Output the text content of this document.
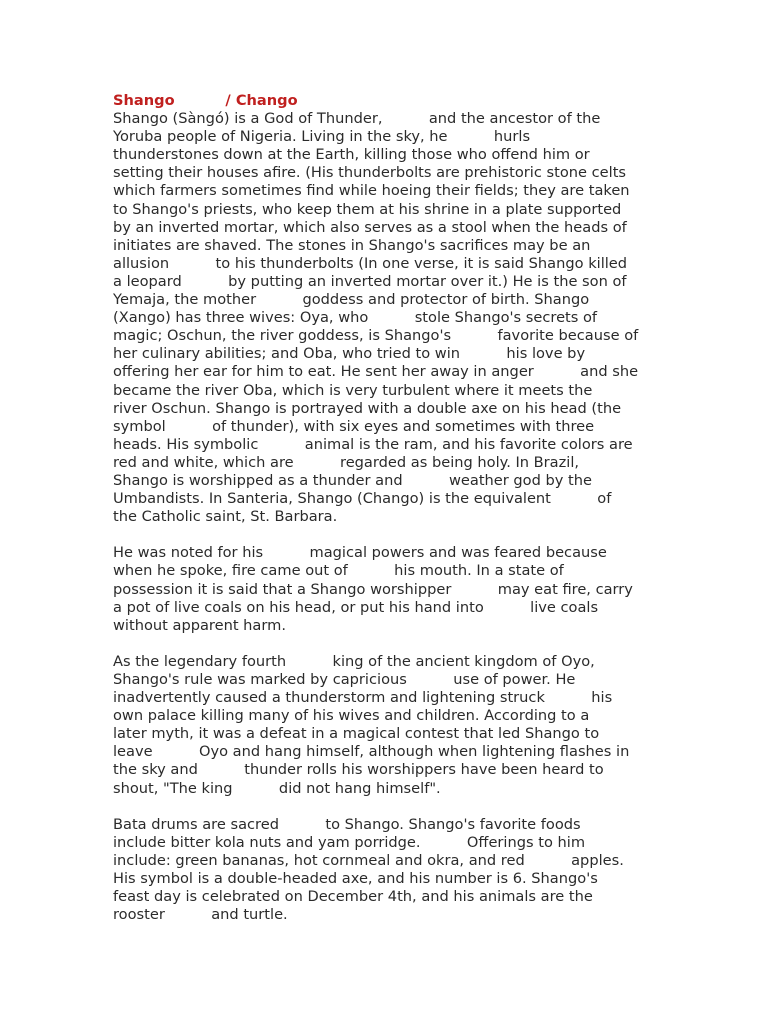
Shango          / Chango
Shango (Sàngó) is a God of Thunder,          and the ancestor of the
Yoruba people of Nigeria. Living in the sky, he          hurls
thunderstones down at the Earth, killing those who offend him or
setting their houses afire. (His thunderbolts are prehistoric stone celts
which farmers sometimes find while hoeing their fields; they are taken
to Shango's priests, who keep them at his shrine in a plate supported
by an inverted mortar, which also serves as a stool when the heads of
initiates are shaved. The stones in Shango's sacrifices may be an
allusion          to his thunderbolts (In one verse, it is said Shango killed
a leopard          by putting an inverted mortar over it.) He is the son of
Yemaja, the mother          goddess and protector of birth. Shango
(Xango) has three wives: Oya, who          stole Shango's secrets of
magic; Oschun, the river goddess, is Shango's          favorite because of
her culinary abilities; and Oba, who tried to win          his love by
offering her ear for him to eat. He sent her away in anger          and she
became the river Oba, which is very turbulent where it meets the
river Oschun. Shango is portrayed with a double axe on his head (the
symbol          of thunder), with six eyes and sometimes with three
heads. His symbolic          animal is the ram, and his favorite colors are
red and white, which are          regarded as being holy. In Brazil,
Shango is worshipped as a thunder and          weather god by the
Umbandists. In Santeria, Shango (Chango) is the equivalent          of
the Catholic saint, St. Barbara.
He was noted for his          magical powers and was feared because
when he spoke, fire came out of          his mouth. In a state of
possession it is said that a Shango worshipper          may eat fire, carry
a pot of live coals on his head, or put his hand into          live coals
without apparent harm.
As the legendary fourth          king of the ancient kingdom of Oyo,
Shango's rule was marked by capricious          use of power. He
inadvertently caused a thunderstorm and lightening struck          his
own palace killing many of his wives and children. According to a
later myth, it was a defeat in a magical contest that led Shango to
leave          Oyo and hang himself, although when lightening flashes in
the sky and          thunder rolls his worshippers have been heard to
shout, "The king          did not hang himself".
Bata drums are sacred          to Shango. Shango's favorite foods
include bitter kola nuts and yam porridge.          Offerings to him
include: green bananas, hot cornmeal and okra, and red          apples.
His symbol is a double-headed axe, and his number is 6. Shango's
feast day is celebrated on December 4th, and his animals are the
rooster          and turtle.
